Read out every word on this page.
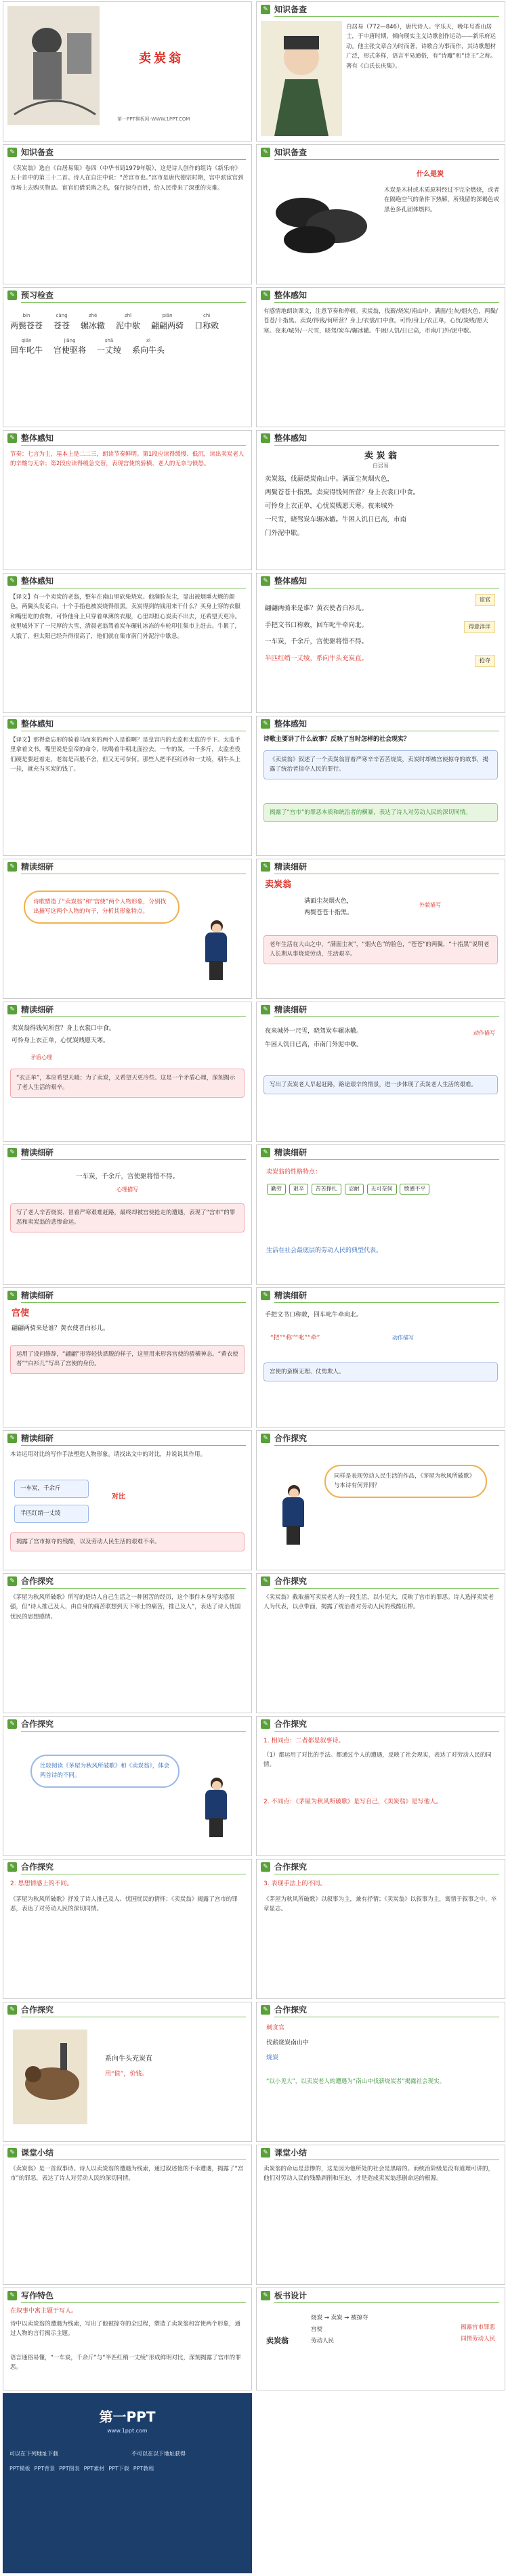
卖炭翁
第一PPT模板网-WWW.1PPT.COM
✎ 知识备查
白居易（772—846），唐代诗人。字乐天，晚年号香山居士，于中唐时期，倾向现实主义诗歌创作运动——新乐府运动。他主张文章合为时而著，诗歌合为事而作，其诗歌题材广泛，形式多样，语言平易通俗，有“诗魔”和“诗王”之称。著有《白氏长庆集》。
✎ 知识备查
《卖炭翁》选自《白居易集》卷四（中华书局1979年版），这是诗人创作的组诗《新乐府》五十首中的第三十二首。诗人在自注中说：“苦宫市也。”宫市是唐代德宗时期，宫中派宦官到市场上去购买物品。宦官们借采购之名，强行掠夺百姓，给人民带来了深重的灾难。
✎ 知识备查
什么是炭
木炭是木材或木质原料经过不完全燃烧，或者在隔绝空气的条件下热解，所残留的深褐色或黑色多孔固体燃料。
✎ 预习检查
bìn
两鬓苍苍
cāng
苍苍
zhé
辗冰辙
zhǐ
泥中歇
piān
翩翩两骑
chì
口称敕
qiān
回车叱牛
jiāng
宫使驱将
shā
一丈绫
xì
系向牛头
✎ 整体感知
有感情地朗读课文，注意节奏和停顿。卖炭翁，伐薪/烧炭/南山中。满面/尘灰/烟火色，两鬓/苍苍/十指黑。卖炭/得钱/何所营？身上/衣裳/口中食。可怜/身上/衣正单，心忧/炭贱/愿天寒。夜来/城外/一尺雪，晓驾/炭车/辗冰辙。牛困/人饥/日已高，市南/门外/泥中歇。
✎ 整体感知
节奏：七言为主，基本上是二二三，朗读节奏鲜明。第1段应读得缓慢、低沉，读出卖炭老人的辛酸与无奈；第2段应读得缓急交替，表现宫使的骄横、老人的无奈与愤怒。
✎ 整体感知
卖 炭 翁
白居易
卖炭翁，伐薪烧炭南山中。满面尘灰烟火色，
两鬓苍苍十指黑。卖炭得钱何所营？身上衣裳口中食。
可怜身上衣正单，心忧炭贱愿天寒。夜来城外
一尺雪，晓驾炭车辗冰辙。牛困人饥日已高，市南
门外泥中歇。
✎ 整体感知
【译文】有一个卖炭的老翁，整年在南山里砍柴烧炭。他满脸灰尘，显出被烟熏火燎的颜色，两鬓头发花白，十个手指也被炭烧得很黑。卖炭得到的钱用来干什么？买身上穿的衣服和嘴里吃的食物。可怜他身上只穿着单薄的衣服，心里却担心炭卖不出去，还希望天更冷。夜里城外下了一尺厚的大雪，清晨老翁驾着炭车碾轧冰冻的车轮印往集市上赶去。牛累了，人饿了，但太阳已经升得很高了，他们就在集市南门外泥泞中歇息。
✎ 整体感知
翩翩两骑来是谁？黄衣使者白衫儿。
手把文书口称敕，回车叱牛牵向北。
一车炭，千余斤，宫使驱将惜不得。
半匹红绡一丈绫，系向牛头充炭直。
宦官
得意洋洋
抢夺
✎ 整体感知
【译文】那得意忘形的骑着马而来的两个人是谁啊？是皇宫内的太监和太监的手下。太监手里拿着文书，嘴里说是皇帝的命令，吆喝着牛朝北面拉去。一车的炭，一千多斤，太监差役们硬是要赶着走，老翁是百般不舍，但又无可奈何。那些人把半匹红纱和一丈绫，朝牛头上一挂，就充当买炭的钱了。
✎ 整体感知
诗歌主要讲了什么故事？反映了当时怎样的社会现实？
《卖炭翁》叙述了一个卖炭翁冒着严寒辛辛苦苦烧炭，卖炭时却被宫使掠夺的故事，揭露了统治者掠夺人民的罪行。
揭露了“宫市”的罪恶本质和统治者的横暴，表达了诗人对劳动人民的深切同情。
✎ 精读细研
诗歌塑造了“卖炭翁”和“宫使”两个人物形象，分别找出描写这两个人物的句子，分析其形象特点。
✎ 精读细研
卖炭翁
满面尘灰烟火色，
两鬓苍苍十指黑。
外貌描写
老年生活在大山之中，“满面尘灰”，“烟火色”的脸色，“苍苍”的两鬓，“十指黑”说明老人长期从事烧炭劳动，生活艰辛。
✎ 精读细研
卖炭翁得钱何所营？身上衣裳口中食。
可怜身上衣正单，心忧炭贱愿天寒。
矛盾心理
“衣正单”，本应希望天暖；为了卖炭，又希望天更冷些。这是一个矛盾心理，深刻揭示了老人生活的艰辛。
✎ 精读细研
夜来城外一尺雪，晓驾炭车辗冰辙。
牛困人饥日已高，市南门外泥中歇。
动作描写
写出了卖炭老人早起赶路，路途艰辛的情景，进一步体现了卖炭老人生活的艰难。
✎ 精读细研
一车炭，千余斤，宫使驱将惜不得。
心理描写
写了老人辛苦烧炭、冒着严寒艰难赶路，最终却被宫使抢走的遭遇，表现了“宫市”的罪恶和卖炭翁的悲惨命运。
✎ 精读细研
卖炭翁的性格特点：
勤劳 艰辛 苦苦挣扎 忍耐 无可奈何 愤懑不平
生活在社会最底层的劳动人民的典型代表。
✎ 精读细研
宫使
翩翩两骑来是谁？黄衣使者白衫儿。
运用了设问修辞，“翩翩”形容轻快洒脱的样子，这里用来形容宫使的骄横神态。“黄衣使者”“白衫儿”写出了宫使的身份。
✎ 精读细研
手把文书口称敕，回车叱牛牵向北。
“把”“称”“叱”“牵”	动作描写
宫使的蛮横无理、仗势欺人。
✎ 精读细研
本诗运用对比的写作手法塑造人物形象。请找出文中的对比，并说说其作用。
一车炭，千余斤
半匹红绡一丈绫
对比
揭露了宫市掠夺的残酷，以及劳动人民生活的艰难不幸。
✎ 合作探究
同样是表现劳动人民生活的作品，《茅屋为秋风所破歌》与本诗有何异同？
✎ 合作探究
《茅屋为秋风所破歌》所写的是诗人自己生活之一种困苦的经历，这个事件本身写实感很强，但“诗人推己及人，由自身的痛苦联想到天下寒士的痛苦，推己及人”，表达了诗人忧国忧民的思想感情。
✎ 合作探究
《卖炭翁》截取描写卖炭老人的一段生活，以小见大，反映了宫市的罪恶。诗人选择卖炭老人为代表，以点带面，揭露了统治者对劳动人民的残酷压榨。
✎ 合作探究
比较阅读《茅屋为秋风所破歌》和《卖炭翁》，体会两首诗的不同。
✎ 合作探究
1. 相同点：二者都是叙事诗。
（1）都运用了对比的手法。都通过个人的遭遇，反映了社会现实，表达了对劳动人民的同情。
2. 不同点：《茅屋为秋风所破歌》是写自己，《卖炭翁》是写他人。
✎ 合作探究
2. 思想情感上的不同。
《茅屋为秋风所破歌》抒发了诗人推己及人、忧国忧民的情怀；《卖炭翁》揭露了宫市的罪恶，表达了对劳动人民的深切同情。
✎ 合作探究
3. 表现手法上的不同。
《茅屋为秋风所破歌》以叙事为主，兼有抒情；《卖炭翁》以叙事为主，寓情于叙事之中，卒章显志。
✎ 合作探究
系向牛头充炭直
用“值”，价钱。
✎ 合作探究
刺贪官
伐薪烧炭南山中
烧炭
“以小见大”，以卖炭老人的遭遇为“南山中伐薪烧炭者”揭露社会现实。
✎ 课堂小结
《卖炭翁》是一首叙事诗。诗人以卖炭翁的遭遇为线索，通过叙述他的不幸遭遇，揭露了“宫市”的罪恶，表达了诗人对劳动人民的深切同情。
✎ 课堂小结
卖炭翁的命运是悲惨的，这是因为他所处的社会是黑暗的。而统治阶级是没有道理可讲的，他们对劳动人民的残酷剥削和压迫，才是造成卖炭翁悲剧命运的根源。
✎ 写作特色
在叙事中寓主题于写人。
诗中以卖炭翁的遭遇为线索，写出了他被掠夺的全过程，塑造了卖炭翁和宫使两个形象，通过人物的言行揭示主题。
语言通俗易懂，“一车炭，千余斤”与“半匹红绡一丈绫”形成鲜明对比，深刻揭露了宫市的罪恶。
✎ 板书设计
卖炭翁
烧炭 → 卖炭 → 被掠夺
宫使
劳动人民
揭露宫市罪恶
同情劳动人民
第一PPT
www.1ppt.com
可以在下列地址下载	不可以在以下地址获得
PPT模板 PPT背景 PPT图表 PPT素材 PPT下载 PPT教程
